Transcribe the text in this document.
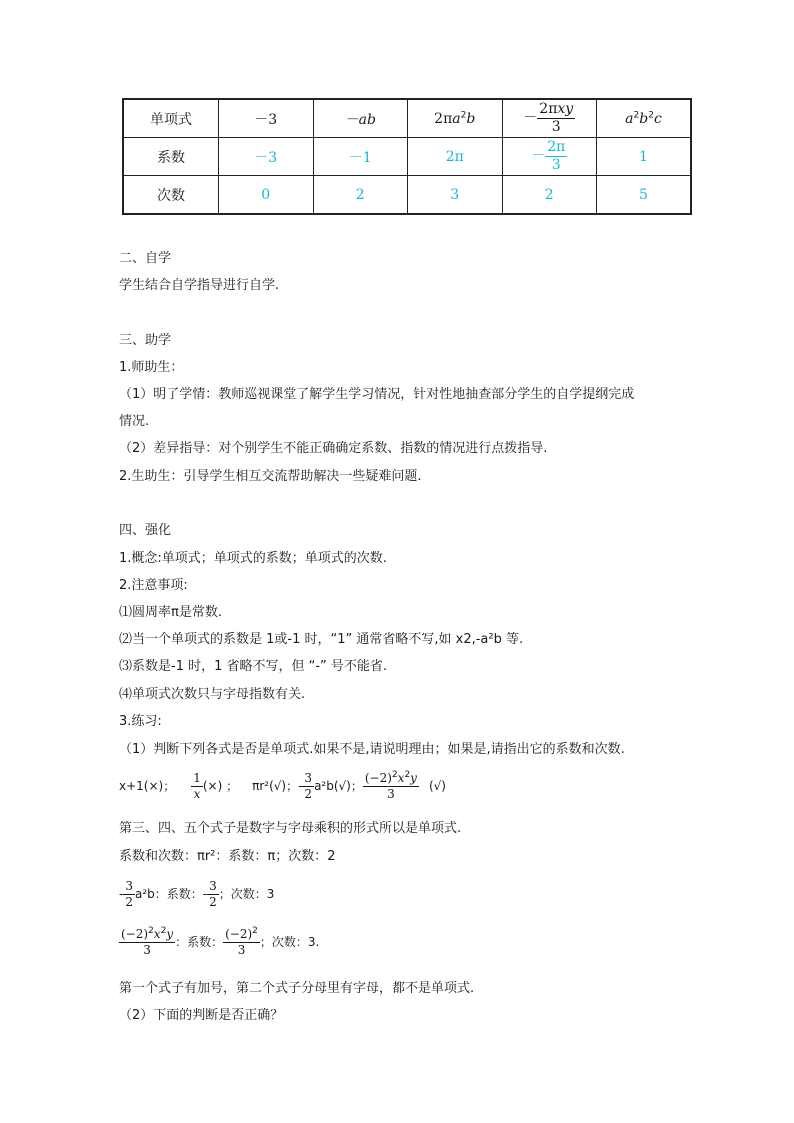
单项式	－3	－ab	$2\pi a^2b$	－ $\frac{\text{2πxy}}{3}$	$a^2b^2c$
系数	－3	－1	2π	－ $\frac{2\pi}{3}$	1
次数	0	2	3	2	5
二、自学
学生结合自学指导进行自学.
三、助学
1.师助生：
（1）明了学情：教师巡视课堂了解学生学习情况，针对性地抽查部分学生的自学提纲完成
情况.
（2）差异指导：对个别学生不能正确确定系数、指数的情况进行点拨指导.
2.生助生：引导学生相互交流帮助解决一些疑难问题.
四、强化
1.概念:单项式；单项式的系数；单项式的次数.
2.注意事项:
⑴圆周率π是常数.
⑵当一个单项式的系数是 1或-1 时，“1” 通常省略不写,如 x2,-a²b 等.
⑶系数是-1 时，1 省略不写，但 “-” 号不能省.
⑷单项式次数只与字母指数有关.
3.练习:
（1）判断下列各式是否是单项式.如果不是,请说明理由；如果是,请指出它的系数和次数.
x+1(×)； $\frac{1}{x}$ (×) ； πr²(√)； - $\frac{3}{2} a^2b(√)$； $\frac{(-2)^2x^2y}{3}$ (√)
第三、四、五个式子是数字与字母乘积的形式所以是单项式.
系数和次数：πr²：系数：π；次数：2
- $\frac{3}{2} a^2b$：系数： - $\frac{3}{2}$ ；次数：3
$\frac{(-2)^2x^2y}{3}$ ：系数： $\frac{(-2)^2}{3}$ ；次数：3.
第一个式子有加号，第二个式子分母里有字母，都不是单项式.
（2）下面的判断是否正确？
